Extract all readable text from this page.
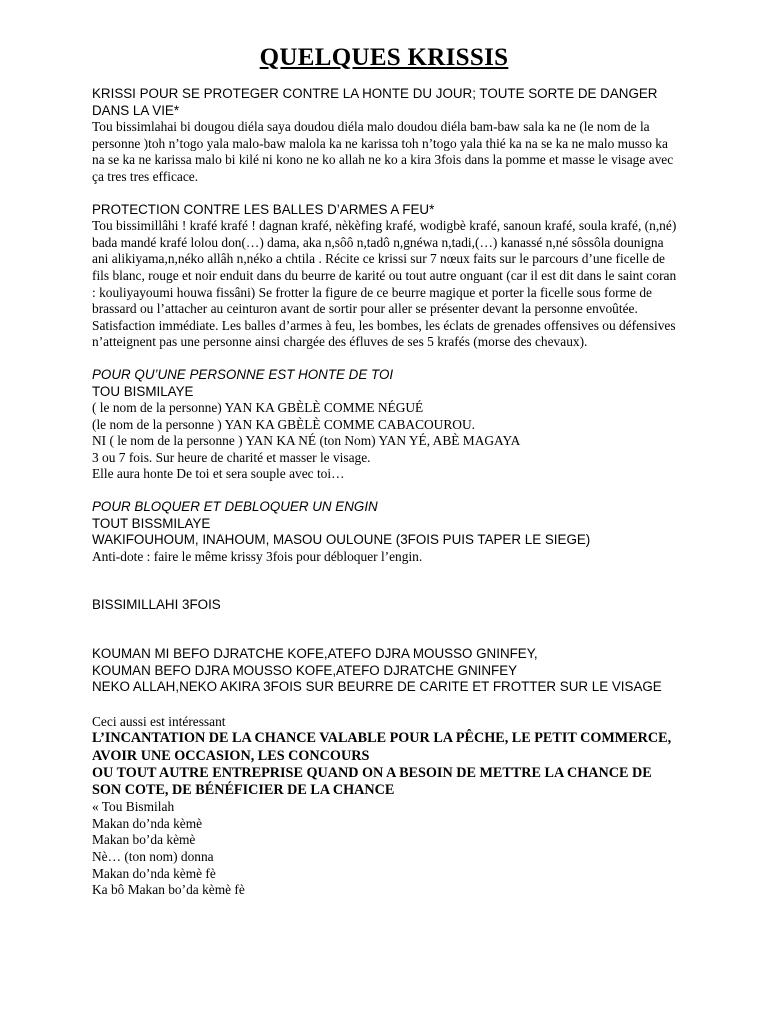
QUELQUES KRISSIS

KRISSI POUR SE PROTEGER CONTRE LA HONTE DU JOUR; TOUTE SORTE DE DANGER DANS LA VIE*

Tou bissimlahai bi dougou diéla saya doudou diéla malo doudou diéla bam-baw sala ka ne (le nom de la personne )toh n’togo yala malo-baw malola ka ne karissa toh n’togo yala thié ka na se ka ne malo musso ka na se ka ne karissa malo bi kilé ni kono ne ko allah ne ko a kira 3fois dans la pomme et masse le visage avec ça tres tres efficace.

PROTECTION CONTRE LES BALLES D’ARMES A FEU*

Tou bissimillâhi ! krafé krafé ! dagnan krafé, nèkèfing krafé, wodigbè krafé, sanoun krafé, soula krafé, (n,né) bada mandé krafé lolou don(…) dama, aka n,sôô n,tadô n,gnéwa n,tadi,(…) kanassé n,né sôssôla dounigna ani alikiyama,n,néko allâh n,néko a chtila . Récite ce krissi sur 7 nœux faits sur le parcours d’une ficelle de fils blanc, rouge et noir enduit dans du beurre de karité ou tout autre onguant (car il est dit dans le saint coran : kouliyayoumi houwa fissâni) Se frotter la figure de ce beurre magique et porter la ficelle sous forme de brassard ou l’attacher au ceinturon avant de sortir pour aller se présenter devant la personne envoûtée. Satisfaction immédiate. Les balles d’armes à feu, les bombes, les éclats de grenades offensives ou défensives n’atteignent pas une personne ainsi chargée des éfluves de ses 5 krafés (morse des chevaux).

POUR QU’UNE PERSONNE EST HONTE DE TOI

TOU BISMILAYE

( le nom de la personne) YAN KA GBÈLÈ COMME NÉGUÉ

(le nom de la personne ) YAN KA GBÈLÈ COMME CABACOUROU.

NI ( le nom de la personne ) YAN KA NÉ (ton Nom) YAN YÉ, ABÈ MAGAYA

3 ou 7 fois. Sur heure de charité et masser le visage.

Elle aura honte De toi et sera souple avec toi…

POUR BLOQUER ET DEBLOQUER UN ENGIN

TOUT BISSMILAYE

WAKIFOUHOUM, INAHOUM, MASOU OULOUNE (3FOIS PUIS TAPER LE SIEGE)

Anti-dote : faire le même krissy 3fois pour débloquer l’engin.

BISSIMILLAHI 3FOIS

KOUMAN MI BEFO DJRATCHE KOFE,ATEFO DJRA MOUSSO GNINFEY,

KOUMAN BEFO DJRA MOUSSO KOFE,ATEFO DJRATCHE GNINFEY

NEKO ALLAH,NEKO AKIRA 3FOIS SUR BEURRE DE CARITE ET FROTTER SUR LE VISAGE

Ceci aussi est intéressant

L’INCANTATION DE LA CHANCE VALABLE POUR LA PÊCHE, LE PETIT COMMERCE, AVOIR UNE OCCASION, LES CONCOURS

OU TOUT AUTRE ENTREPRISE QUAND ON A BESOIN DE METTRE LA CHANCE DE SON COTE, DE BÉNÉFICIER DE LA CHANCE

« Tou Bismilah

Makan do’nda kèmè

Makan bo’da kèmè

Nè… (ton nom) donna

Makan do’nda kèmè fè

Ka bô Makan bo’da kèmè fè
